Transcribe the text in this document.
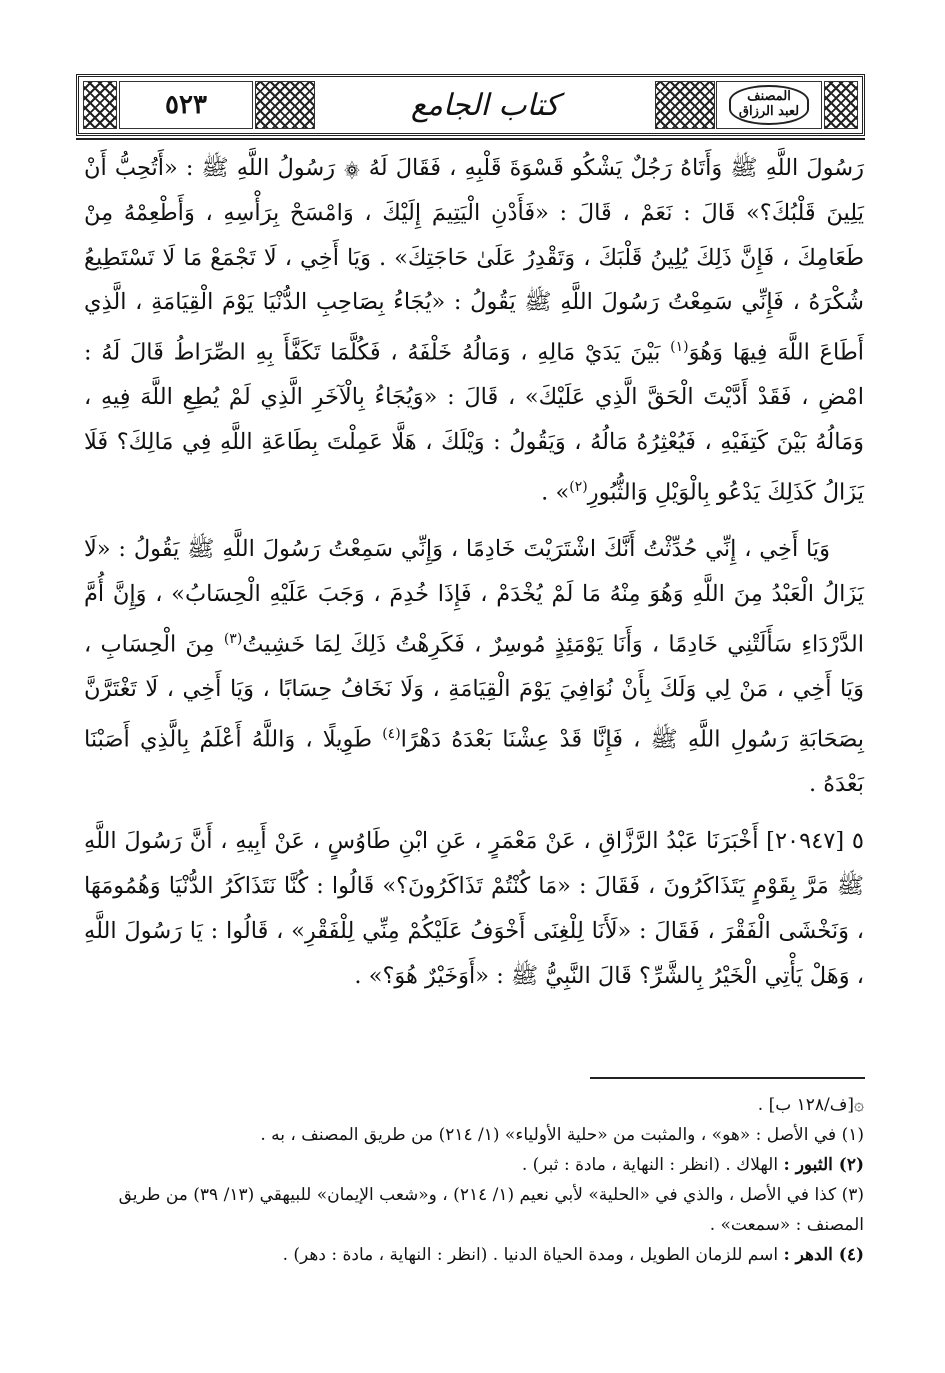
٥٢٣	كتاب الجامع	المصنف
لعبد الرزاق

رَسُولَ اللَّهِ ﷺ وَأَتَاهُ رَجُلٌ يَشْكُو قَسْوَةَ قَلْبِهِ ، فَقَالَ لَهُ ۞ رَسُولُ اللَّهِ ﷺ : «أَتُحِبُّ أَنْ يَلِينَ قَلْبُكَ؟» قَالَ : نَعَمْ ، قَالَ : «فَأَدْنِ الْيَتِيمَ إِلَيْكَ ، وَامْسَحْ بِرَأْسِهِ ، وَأَطْعِمْهُ مِنْ طَعَامِكَ ، فَإِنَّ ذَلِكَ يُلِينُ قَلْبَكَ ، وَتَقْدِرُ عَلَىٰ حَاجَتِكَ» . وَيَا أَخِي ، لَا تَجْمَعْ مَا لَا تَسْتَطِيعُ شُكْرَهُ ، فَإِنِّي سَمِعْتُ رَسُولَ اللَّهِ ﷺ يَقُولُ : «يُجَاءُ بِصَاحِبِ الدُّنْيَا يَوْمَ الْقِيَامَةِ ، الَّذِي أَطَاعَ اللَّهَ فِيهَا وَهُوَ$^{(١)}$ بَيْنَ يَدَيْ مَالِهِ ، وَمَالُهُ خَلْفَهُ ، فَكُلَّمَا تَكَفَّأَ بِهِ الصِّرَاطُ قَالَ لَهُ : امْضِ ، فَقَدْ أَدَّيْتَ الْحَقَّ الَّذِي عَلَيْكَ» ، قَالَ : «وَيُجَاءُ بِالْآخَرِ الَّذِي لَمْ يُطِعِ اللَّهَ فِيهِ ، وَمَالُهُ بَيْنَ كَتِفَيْهِ ، فَيُعْثِرُهُ مَالُهُ ، وَيَقُولُ : وَيْلَكَ ، هَلَّا عَمِلْتَ بِطَاعَةِ اللَّهِ فِي مَالِكَ؟ فَلَا يَزَالُ كَذَلِكَ يَدْعُو بِالْوَيْلِ وَالثُّبُورِ$^{(٢)}$» .

وَيَا أَخِي ، إِنِّي حُدِّثْتُ أَنَّكَ اشْتَرَيْتَ خَادِمًا ، وَإِنِّي سَمِعْتُ رَسُولَ اللَّهِ ﷺ يَقُولُ : «لَا يَزَالُ الْعَبْدُ مِنَ اللَّهِ وَهُوَ مِنْهُ مَا لَمْ يُخْدَمْ ، فَإِذَا خُدِمَ ، وَجَبَ عَلَيْهِ الْحِسَابُ» ، وَإِنَّ أُمَّ الدَّرْدَاءِ سَأَلَتْنِي خَادِمًا ، وَأَنَا يَوْمَئِذٍ مُوسِرٌ ، فَكَرِهْتُ ذَلِكَ لِمَا خَشِيتُ$^{(٣)}$ مِنَ الْحِسَابِ ، وَيَا أَخِي ، مَنْ لِي وَلَكَ بِأَنْ نُوَافِيَ يَوْمَ الْقِيَامَةِ ، وَلَا نَخَافُ حِسَابًا ، وَيَا أَخِي ، لَا تَغْتَرَّنَّ بِصَحَابَةِ رَسُولِ اللَّهِ ﷺ ، فَإِنَّا قَدْ عِشْنَا بَعْدَهُ دَهْرًا$^{(٤)}$ طَوِيلًا ، وَاللَّهُ أَعْلَمُ بِالَّذِي أَصَبْنَا بَعْدَهُ .

٥ [٢٠٩٤٧] أَخْبَرَنَا عَبْدُ الرَّزَّاقِ ، عَنْ مَعْمَرٍ ، عَنِ ابْنِ طَاوُسٍ ، عَنْ أَبِيهِ ، أَنَّ رَسُولَ اللَّهِ ﷺ مَرَّ بِقَوْمٍ يَتَذَاكَرُونَ ، فَقَالَ : «مَا كُنْتُمْ تَذَاكَرُونَ؟» قَالُوا : كُنَّا نَتَذَاكَرُ الدُّنْيَا وَهُمُومَهَا ، وَنَخْشَى الْفَقْرَ ، فَقَالَ : «لَأَنَا لِلْغِنَى أَخْوَفُ عَلَيْكُمْ مِنِّي لِلْفَقْرِ» ، قَالُوا : يَا رَسُولَ اللَّهِ ، وَهَلْ يَأْتِي الْخَيْرُ بِالشَّرِّ؟ قَالَ النَّبِيُّ ﷺ : «أَوَخَيْرٌ هُوَ؟» .

۞[ف/١٢٨ ب] .
(١) في الأصل : «هو» ، والمثبت من «حلية الأولياء» (١/ ٢١٤) من طريق المصنف ، به .
(٢) الثبور : الهلاك . (انظر : النهاية ، مادة : ثبر) .
(٣) كذا في الأصل ، والذي في «الحلية» لأبي نعيم (١/ ٢١٤) ، و«شعب الإيمان» للبيهقي (١٣/ ٣٩) من طريق المصنف : «سمعت» .
(٤) الدهر : اسم للزمان الطويل ، ومدة الحياة الدنيا . (انظر : النهاية ، مادة : دهر) .
